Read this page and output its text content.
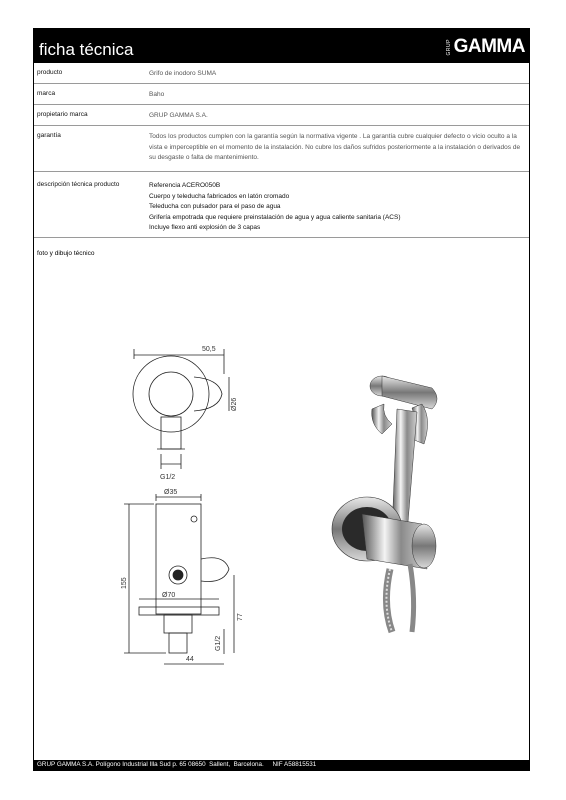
ficha técnica	GRUP GAMMA
producto	Grifo de inodoro SUMA
marca	Baho
propietario marca	GRUP GAMMA S.A.
garantía	Todos los productos cumplen con la garantía según la normativa vigente . La garantía cubre cualquier defecto o vicio oculto a la vista e imperceptible en el momento de la instalación. No cubre los daños sufridos posteriormente a la instalación o derivados de su desgaste o falta de mantenimiento.
descripción técnica producto	Referencia ACERO050B
Cuerpo y teleducha fabricados en latón cromado
Teleducha con pulsador para el paso de agua
Grifería empotrada que requiere preinstalación de agua y agua caliente sanitaria (ACS)
Incluye flexo anti explosión de 3 capas
foto y dibujo técnico
50,5
Ø26
G1/2
Ø35
155
Ø70
77
G1/2
44
GRUP GAMMA S.A. Polígono Industrial Illa Sud p. 65 08650  Sallent,  Barcelona.     NIF A58815531
